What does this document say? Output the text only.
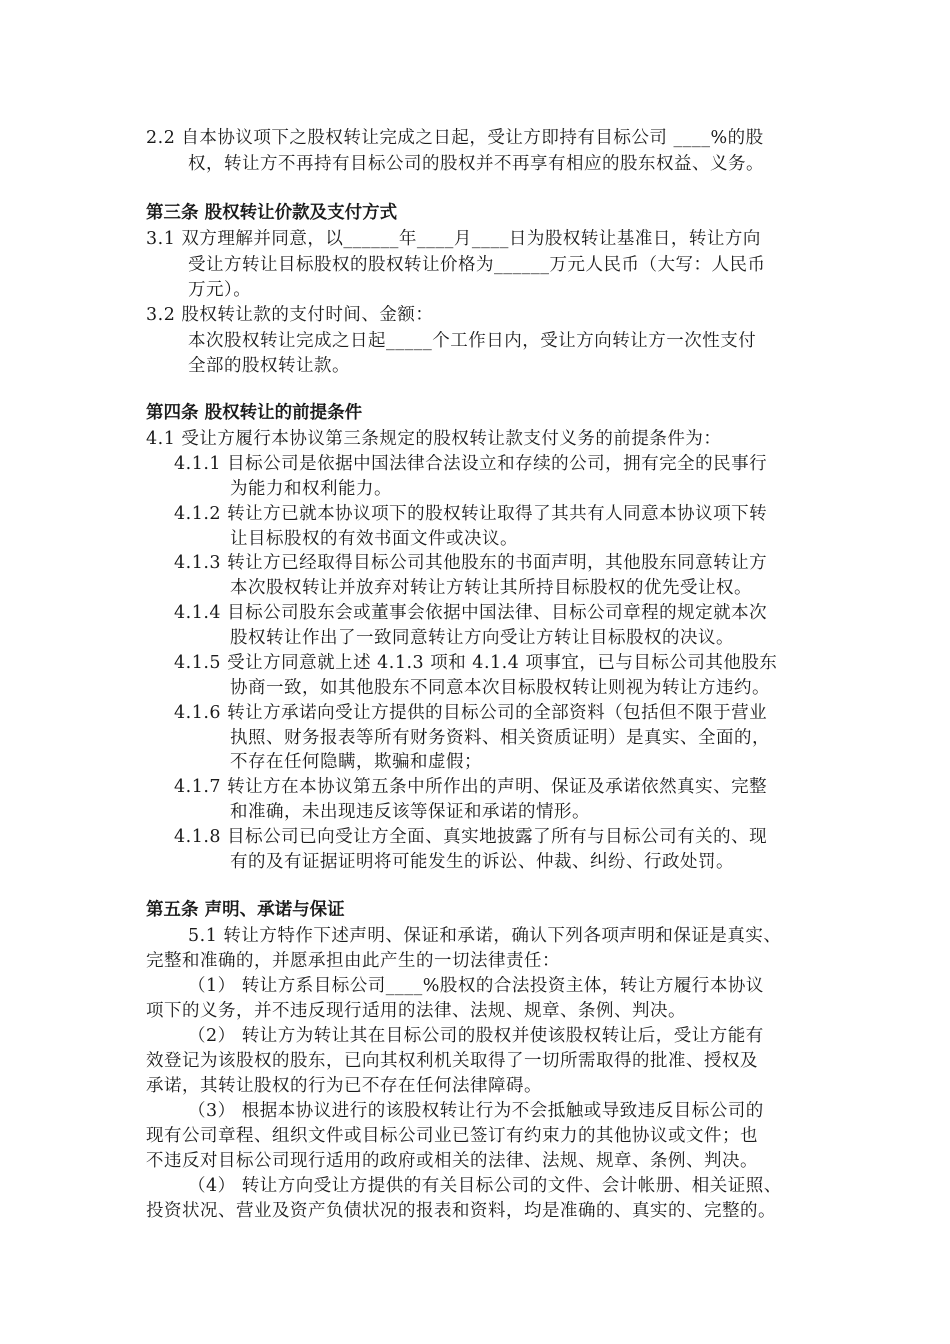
2.2 自本协议项下之股权转让完成之日起，受让方即持有目标公司 ____%的股
权，转让方不再持有目标公司的股权并不再享有相应的股东权益、义务。
第三条 股权转让价款及支付方式
3.1 双方理解并同意，以______年____月____日为股权转让基准日，转让方向
受让方转让目标股权的股权转让价格为______万元人民币（大写：人民币
万元）。
3.2 股权转让款的支付时间、金额：
本次股权转让完成之日起_____个工作日内，受让方向转让方一次性支付
全部的股权转让款。
第四条 股权转让的前提条件
4.1 受让方履行本协议第三条规定的股权转让款支付义务的前提条件为：
4.1.1 目标公司是依据中国法律合法设立和存续的公司，拥有完全的民事行
为能力和权利能力。
4.1.2 转让方已就本协议项下的股权转让取得了其共有人同意本协议项下转
让目标股权的有效书面文件或决议。
4.1.3 转让方已经取得目标公司其他股东的书面声明，其他股东同意转让方
本次股权转让并放弃对转让方转让其所持目标股权的优先受让权。
4.1.4 目标公司股东会或董事会依据中国法律、目标公司章程的规定就本次
股权转让作出了一致同意转让方向受让方转让目标股权的决议。
4.1.5 受让方同意就上述 4.1.3 项和 4.1.4 项事宜，已与目标公司其他股东
协商一致，如其他股东不同意本次目标股权转让则视为转让方违约。
4.1.6 转让方承诺向受让方提供的目标公司的全部资料（包括但不限于营业
执照、财务报表等所有财务资料、相关资质证明）是真实、全面的，
不存在任何隐瞒，欺骗和虚假；
4.1.7 转让方在本协议第五条中所作出的声明、保证及承诺依然真实、完整
和准确，未出现违反该等保证和承诺的情形。
4.1.8 目标公司已向受让方全面、真实地披露了所有与目标公司有关的、现
有的及有证据证明将可能发生的诉讼、仲裁、纠纷、行政处罚。
第五条 声明、承诺与保证
5.1 转让方特作下述声明、保证和承诺，确认下列各项声明和保证是真实、
完整和准确的，并愿承担由此产生的一切法律责任：
（1） 转让方系目标公司____%股权的合法投资主体，转让方履行本协议
项下的义务，并不违反现行适用的法律、法规、规章、条例、判决。
（2） 转让方为转让其在目标公司的股权并使该股权转让后，受让方能有
效登记为该股权的股东，已向其权利机关取得了一切所需取得的批准、授权及
承诺，其转让股权的行为已不存在任何法律障碍。
（3） 根据本协议进行的该股权转让行为不会抵触或导致违反目标公司的
现有公司章程、组织文件或目标公司业已签订有约束力的其他协议或文件；也
不违反对目标公司现行适用的政府或相关的法律、法规、规章、条例、判决。
（4） 转让方向受让方提供的有关目标公司的文件、会计帐册、相关证照、
投资状况、营业及资产负债状况的报表和资料，均是准确的、真实的、完整的。
